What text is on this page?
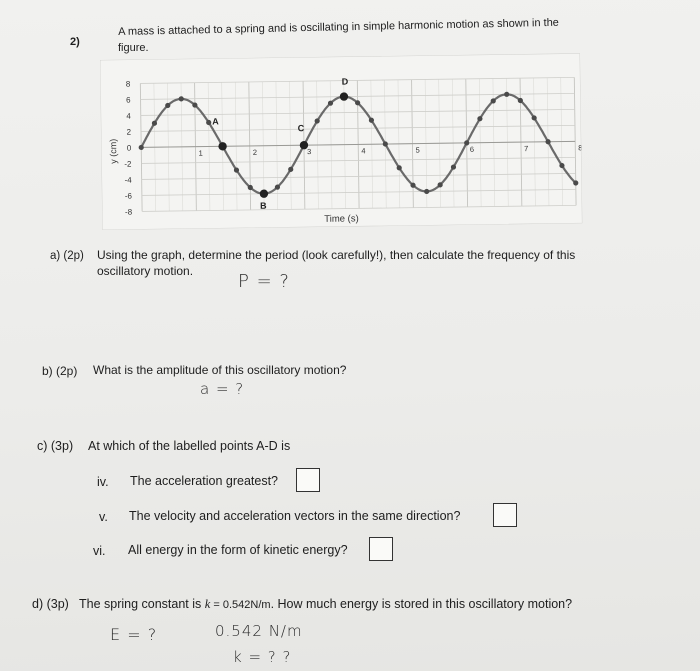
2)
A mass is attached to a spring and is oscillating in simple harmonic motion as shown in the
figure.
8
6
4
2
0
-2
-4
-6
-8
1	2	3	4	5	6	7	8
A
B
C
D
y (cm)
Time (s)
a) (2p) Using the graph, determine the period (look carefully!), then calculate the frequency of this
oscillatory motion. P = ?
b) (2p) What is the amplitude of this oscillatory motion?
a = ?
c) (3p) At which of the labelled points A-D is
iv. The acceleration greatest?
v. The velocity and acceleration vectors in the same direction?
vi. All energy in the form of kinetic energy?
d) (3p) The spring constant is k = 0.542N/m. How much energy is stored in this oscillatory motion?
E = ?	0.542 N/m
k = ? ?
